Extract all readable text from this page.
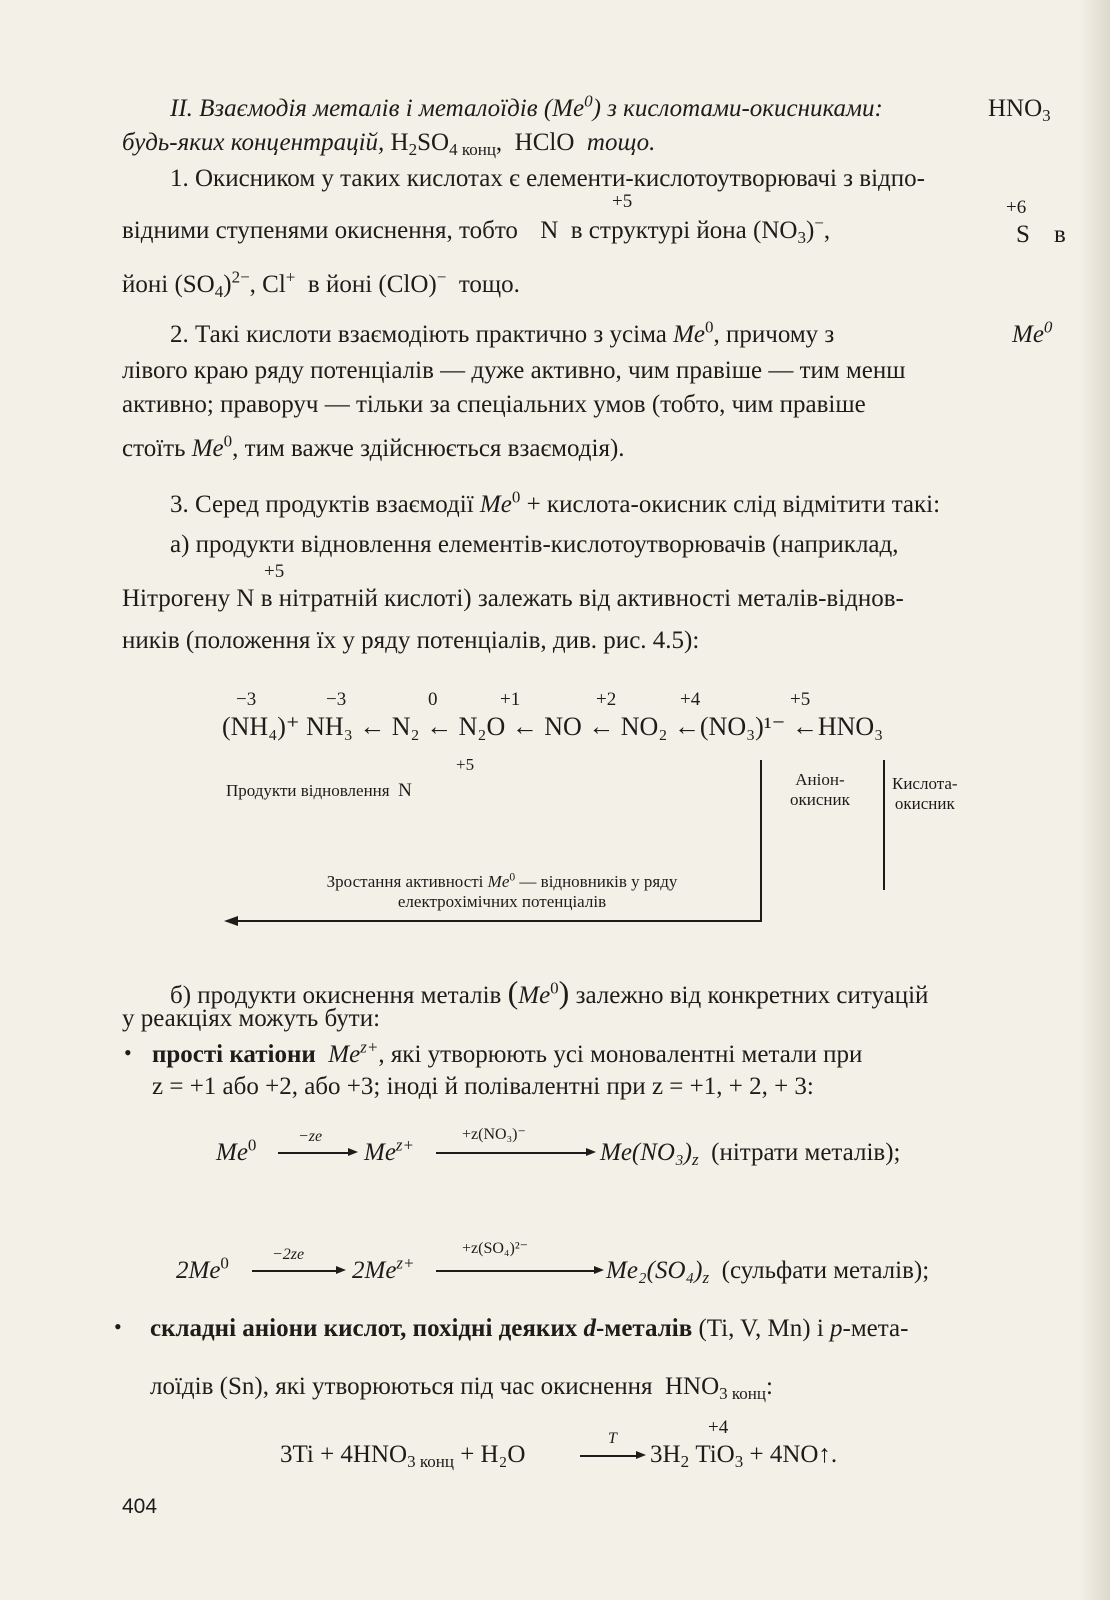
II. Взаємодія металів і металоїдів (Me$^0$) з кислотами-окисниками:	$HNO_3$
будь-яких концентрацій, $H_2SO_{4 конц}$, HClO тощо.
1. Окисником у таких кислотах є елементи-кислотоутворювачі з відпо-
+5	+6
відними ступенями окиснення, тобто N в структурі йона $(NO_3)^-$,	S в
йоні $(SO_4)^{2-}$, Cl+ в йоні (ClO)− тощо.
2. Такі кислоти взаємодіють практично з усіма Me$^0$, причому з	Me$^0$
лівого краю ряду потенціалів — дуже активно, чим правіше — тим менш
активно; праворуч — тільки за спеціальних умов (тобто, чим правіше
стоїть Me$^0$, тим важче здійснюється взаємодія).
3. Серед продуктів взаємодії $Me^0$ + кислота-окисник слід відмітити такі:
а) продукти відновлення елементів-кислотоутворювачів (наприклад,
+5
Нітрогену N в нітратній кислоті) залежать від активності металів-віднов-
ників (положення їх у ряду потенціалів, див. рис. 4.5):
−3	−3	0	+1	+2	+4	+5
(NH₄)⁺ NH₃ ← N₂ ← N₂O ← NO ← NO₂ ←(NO₃)¹⁻ ←HNO₃
+5
Продукти відновлення N
Аніон-
окисник
Кислота-
окисник
Зростання активності Me$^0$ — відновників у ряду
електрохімічних потенціалів
б) продукти окиснення металів (Me$^0$) залежно від конкретних ситуацій
у реакціях можуть бути:
• прості катіони $Me^{z+}$, які утворюють усі моновалентні метали при
z = +1 або +2, або +3; іноді й полівалентні при z = +1, + 2, + 3:
$Me^0$	−ze
$Me^{z+}$
+z(NO₃)⁻
$Me(NO_3)_z$ (нітрати металів);
$2Me^0$	−2ze
$2Me^{z+}$
+z(SO₄)²⁻
$Me_2(SO_4)_z$ (сульфати металів);
• складні аніони кислот, похідні деяких d-металів (Ti, V, Mn) і p-мета-
лоїдів (Sn), які утворюються під час окиснення $HNO_{3 конц}$:
+4
$3Ti + 4HNO_{3 конц} + H_2O$
T
$3H_2$ TiO$_3$ + 4NO↑.
404
